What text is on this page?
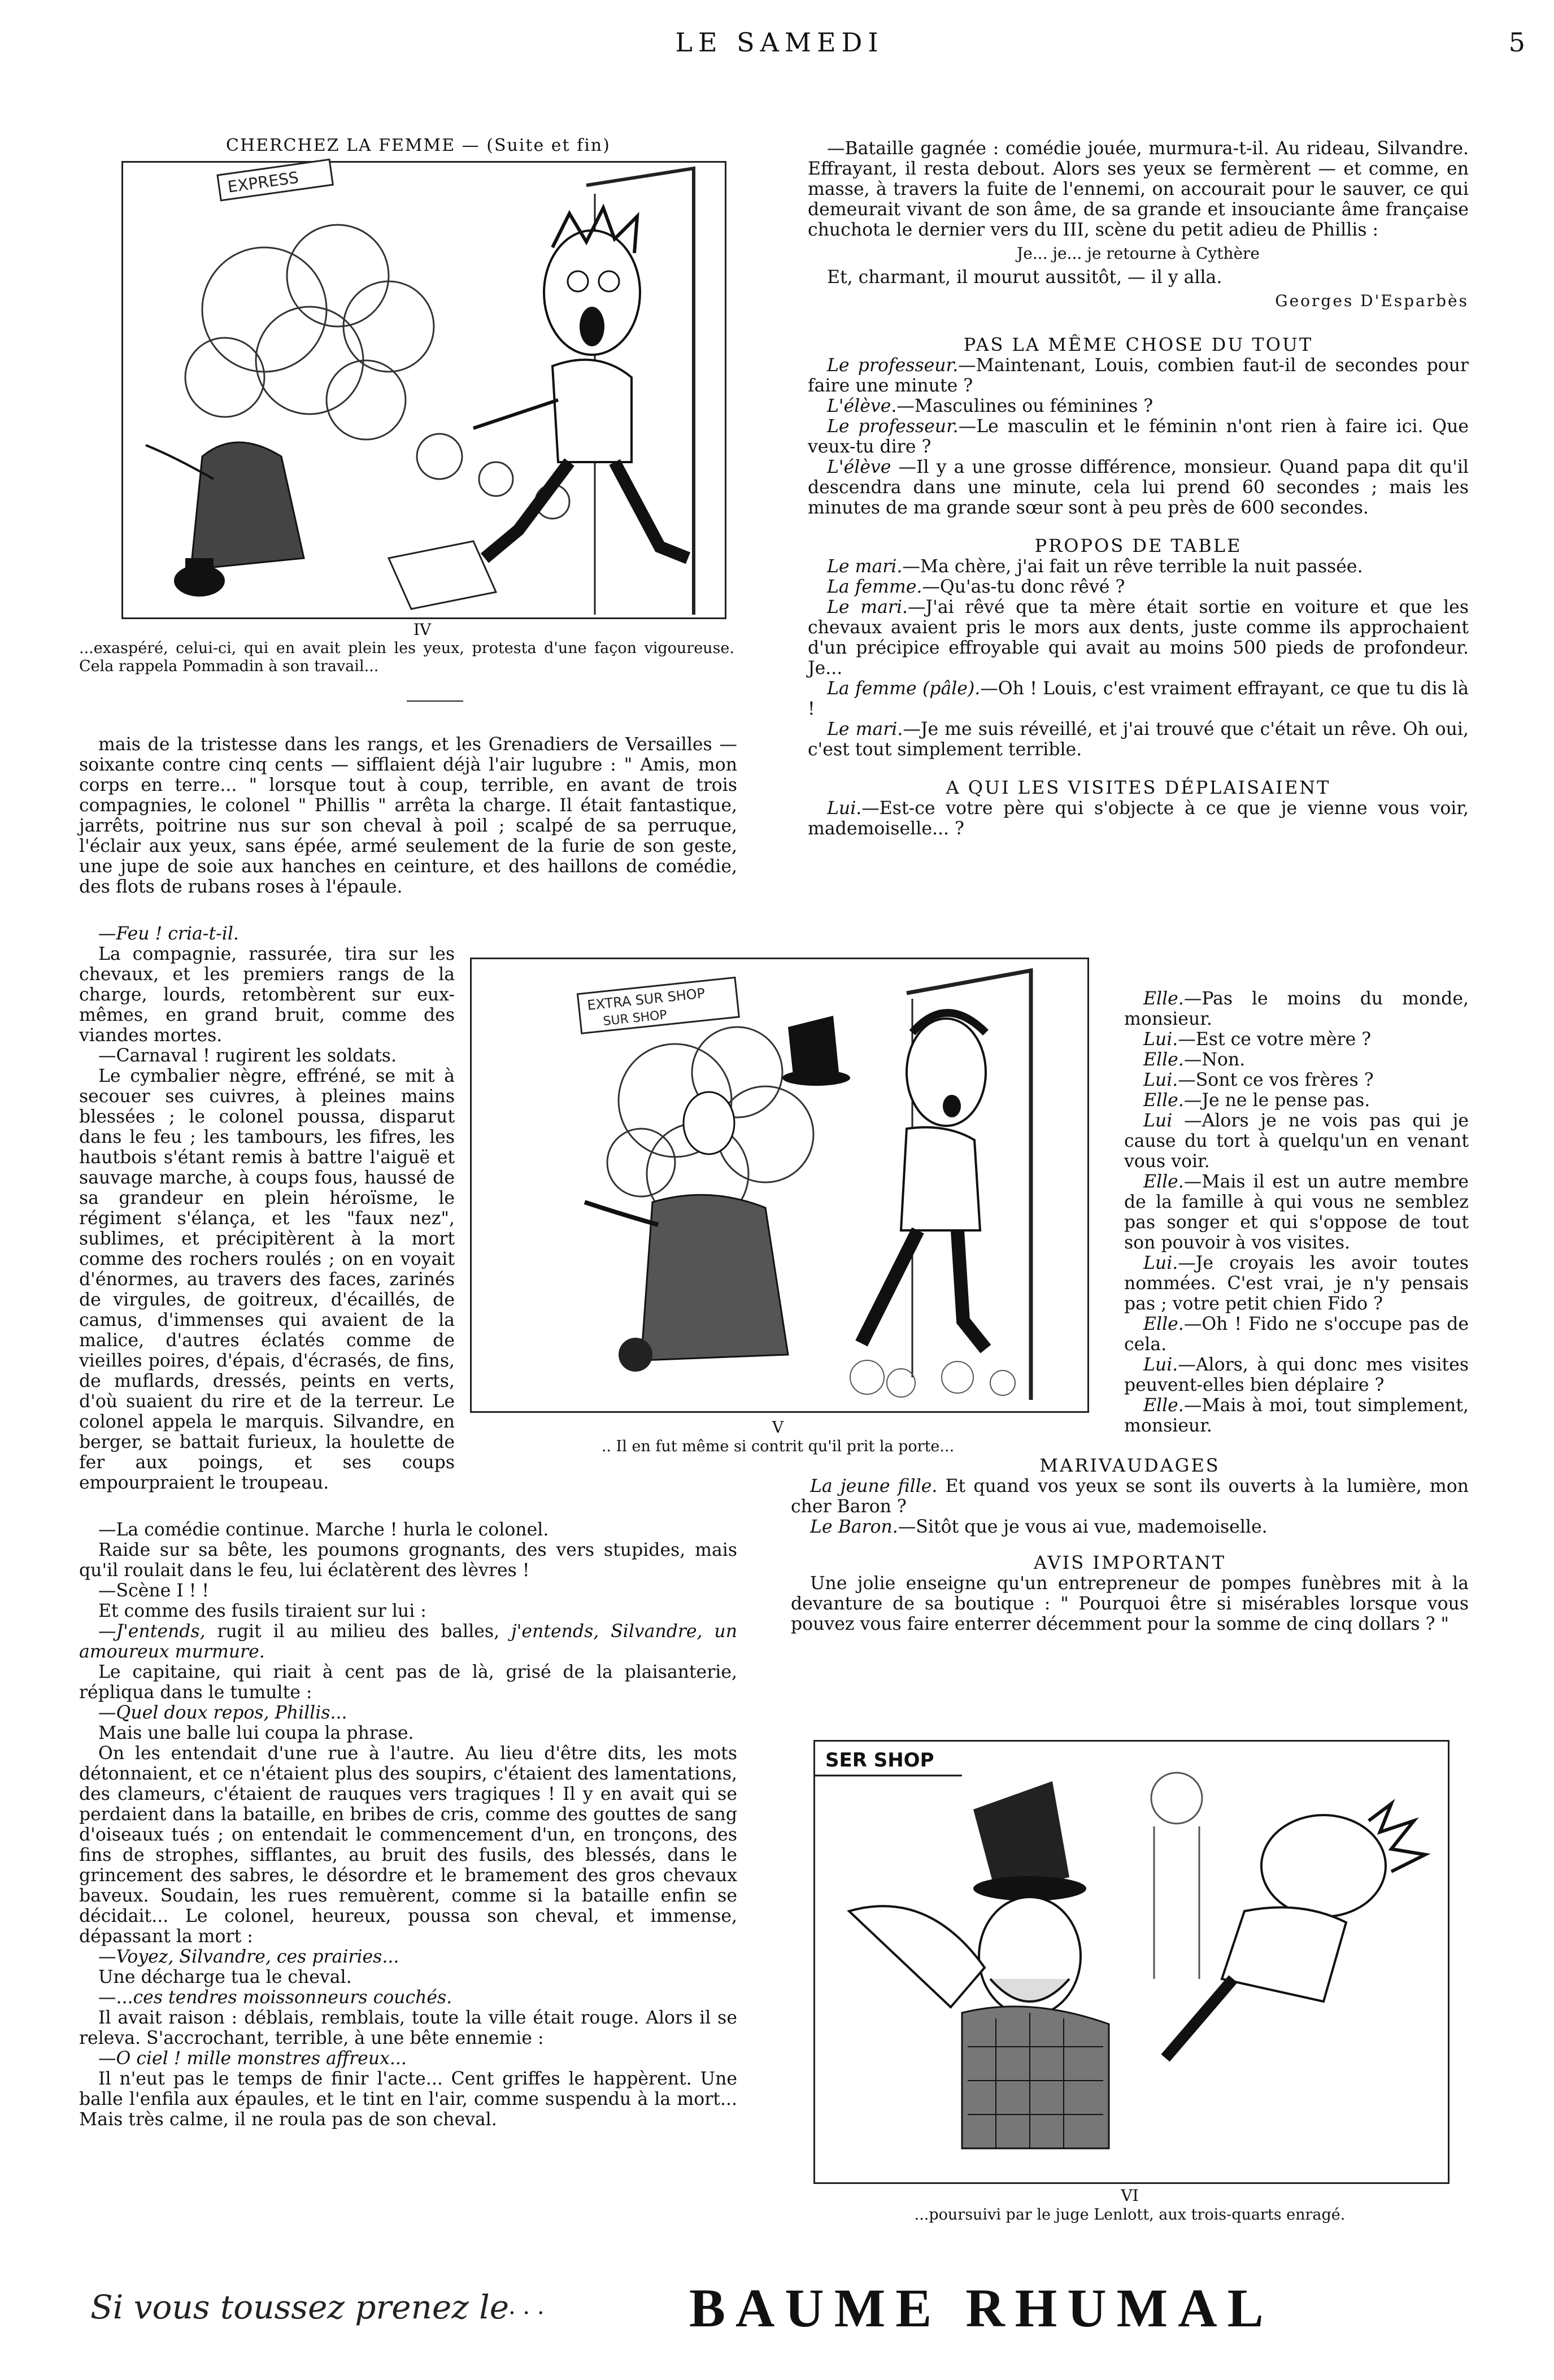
LE SAMEDI	5
CHERCHEZ LA FEMME — (Suite et fin)
EXPRESS
IV

...exaspéré, celui-ci, qui en avait plein les yeux, protesta d'une façon vigoureuse. Cela rappela Pommadin à son travail...

mais de la tristesse dans les rangs, et les Grenadiers de Versailles — soixante contre cinq cents — sifflaient déjà l'air lugubre : " Amis, mon corps en terre... " lorsque tout à coup, terrible, en avant de trois compagnies, le colonel " Phillis " arrêta la charge. Il était fantastique, jarrêts, poitrine nus sur son cheval à poil ; scalpé de sa perruque, l'éclair aux yeux, sans épée, armé seulement de la furie de son geste, une jupe de soie aux hanches en ceinture, et des haillons de comédie, des flots de rubans roses à l'épaule.

—Feu ! cria-t-il.

La compagnie, rassurée, tira sur les chevaux, et les premiers rangs de la charge, lourds, retombèrent sur eux-mêmes, en grand bruit, comme des viandes mortes.

—Carnaval ! rugirent les soldats.

Le cymbalier nègre, effréné, se mit à secouer ses cuivres, à pleines mains blessées ; le colonel poussa, disparut dans le feu ; les tambours, les fifres, les hautbois s'étant remis à battre l'aiguë et sauvage marche, à coups fous, haussé de sa grandeur en plein héroïsme, le régiment s'élança, et les "faux nez", sublimes, et précipitèrent à la mort comme des rochers roulés ; on en voyait d'énormes, au travers des faces, zarinés de virgules, de goitreux, d'écaillés, de camus, d'immenses qui avaient de la malice, d'autres éclatés comme de vieilles poires, d'épais, d'écrasés, de fins, de muflards, dressés, peints en verts, d'où suaient du rire et de la terreur. Le colonel appela le marquis. Silvandre, en berger, se battait furieux, la houlette de fer aux poings, et ses coups empourpraient le troupeau.

—La comédie continue. Marche ! hurla le colonel.

Raide sur sa bête, les poumons grognants, des vers stupides, mais qu'il roulait dans le feu, lui éclatèrent des lèvres !

—Scène I ! !

Et comme des fusils tiraient sur lui :

—J'entends, rugit il au milieu des balles, j'entends, Silvandre, un amoureux murmure.

Le capitaine, qui riait à cent pas de là, grisé de la plaisanterie, répliqua dans le tumulte :

—Quel doux repos, Phillis...

Mais une balle lui coupa la phrase.

On les entendait d'une rue à l'autre. Au lieu d'être dits, les mots détonnaient, et ce n'étaient plus des soupirs, c'étaient des lamentations, des clameurs, c'étaient de rauques vers tragiques ! Il y en avait qui se perdaient dans la bataille, en bribes de cris, comme des gouttes de sang d'oiseaux tués ; on entendait le commencement d'un, en tronçons, des fins de strophes, sifflantes, au bruit des fusils, des blessés, dans le grincement des sabres, le désordre et le bramement des gros chevaux baveux. Soudain, les rues remuèrent, comme si la bataille enfin se décidait... Le colonel, heureux, poussa son cheval, et immense, dépassant la mort :

—Voyez, Silvandre, ces prairies...

Une décharge tua le cheval.

—...ces tendres moissonneurs couchés.

Il avait raison : déblais, remblais, toute la ville était rouge. Alors il se releva. S'accrochant, terrible, à une bête ennemie :

—O ciel ! mille monstres affreux...

Il n'eut pas le temps de finir l'acte... Cent griffes le happèrent. Une balle l'enfila aux épaules, et le tint en l'air, comme suspendu à la mort... Mais très calme, il ne roula pas de son cheval.

EXTRA SUR SHOP
SUR SHOP
V

.. Il en fut même si contrit qu'il prit la porte...

—Bataille gagnée : comédie jouée, murmura-t-il. Au rideau, Silvandre. Effrayant, il resta debout. Alors ses yeux se fermèrent — et comme, en masse, à travers la fuite de l'ennemi, on accourait pour le sauver, ce qui demeurait vivant de son âme, de sa grande et insouciante âme française chuchota le dernier vers du III, scène du petit adieu de Phillis :

Je... je... je retourne à Cythère

Et, charmant, il mourut aussitôt, — il y alla.

Georges D'Esparbès

PAS LA MÊME CHOSE DU TOUT

Le professeur.—Maintenant, Louis, combien faut-il de secondes pour faire une minute ?

L'élève.—Masculines ou féminines ?

Le professeur.—Le masculin et le féminin n'ont rien à faire ici. Que veux-tu dire ?

L'élève —Il y a une grosse différence, monsieur. Quand papa dit qu'il descendra dans une minute, cela lui prend 60 secondes ; mais les minutes de ma grande sœur sont à peu près de 600 secondes.

PROPOS DE TABLE

Le mari.—Ma chère, j'ai fait un rêve terrible la nuit passée.

La femme.—Qu'as-tu donc rêvé ?

Le mari.—J'ai rêvé que ta mère était sortie en voiture et que les chevaux avaient pris le mors aux dents, juste comme ils approchaient d'un précipice effroyable qui avait au moins 500 pieds de profondeur. Je...

La femme (pâle).—Oh ! Louis, c'est vraiment effrayant, ce que tu dis là !

Le mari.—Je me suis réveillé, et j'ai trouvé que c'était un rêve. Oh oui, c'est tout simplement terrible.

A QUI LES VISITES DÉPLAISAIENT

Lui.—Est-ce votre père qui s'objecte à ce que je vienne vous voir, mademoiselle... ?

Elle.—Pas le moins du monde, monsieur.

Lui.—Est ce votre mère ?

Elle.—Non.

Lui.—Sont ce vos frères ?

Elle.—Je ne le pense pas.

Lui —Alors je ne vois pas qui je cause du tort à quelqu'un en venant vous voir.

Elle.—Mais il est un autre membre de la famille à qui vous ne semblez pas songer et qui s'oppose de tout son pouvoir à vos visites.

Lui.—Je croyais les avoir toutes nommées. C'est vrai, je n'y pensais pas ; votre petit chien Fido ?

Elle.—Oh ! Fido ne s'occupe pas de cela.

Lui.—Alors, à qui donc mes visites peuvent-elles bien déplaire ?

Elle.—Mais à moi, tout simplement, monsieur.

MARIVAUDAGES

La jeune fille. Et quand vos yeux se sont ils ouverts à la lumière, mon cher Baron ?

Le Baron.—Sitôt que je vous ai vue, mademoiselle.

AVIS IMPORTANT

Une jolie enseigne qu'un entrepreneur de pompes funèbres mit à la devanture de sa boutique : " Pourquoi être si misérables lorsque vous pouvez vous faire enterrer décemment pour la somme de cinq dollars ? "

SER SHOP
VI

...poursuivi par le juge Lenlott, aux trois-quarts enragé.

Si vous toussez prenez le
. . .	BAUME RHUMAL
